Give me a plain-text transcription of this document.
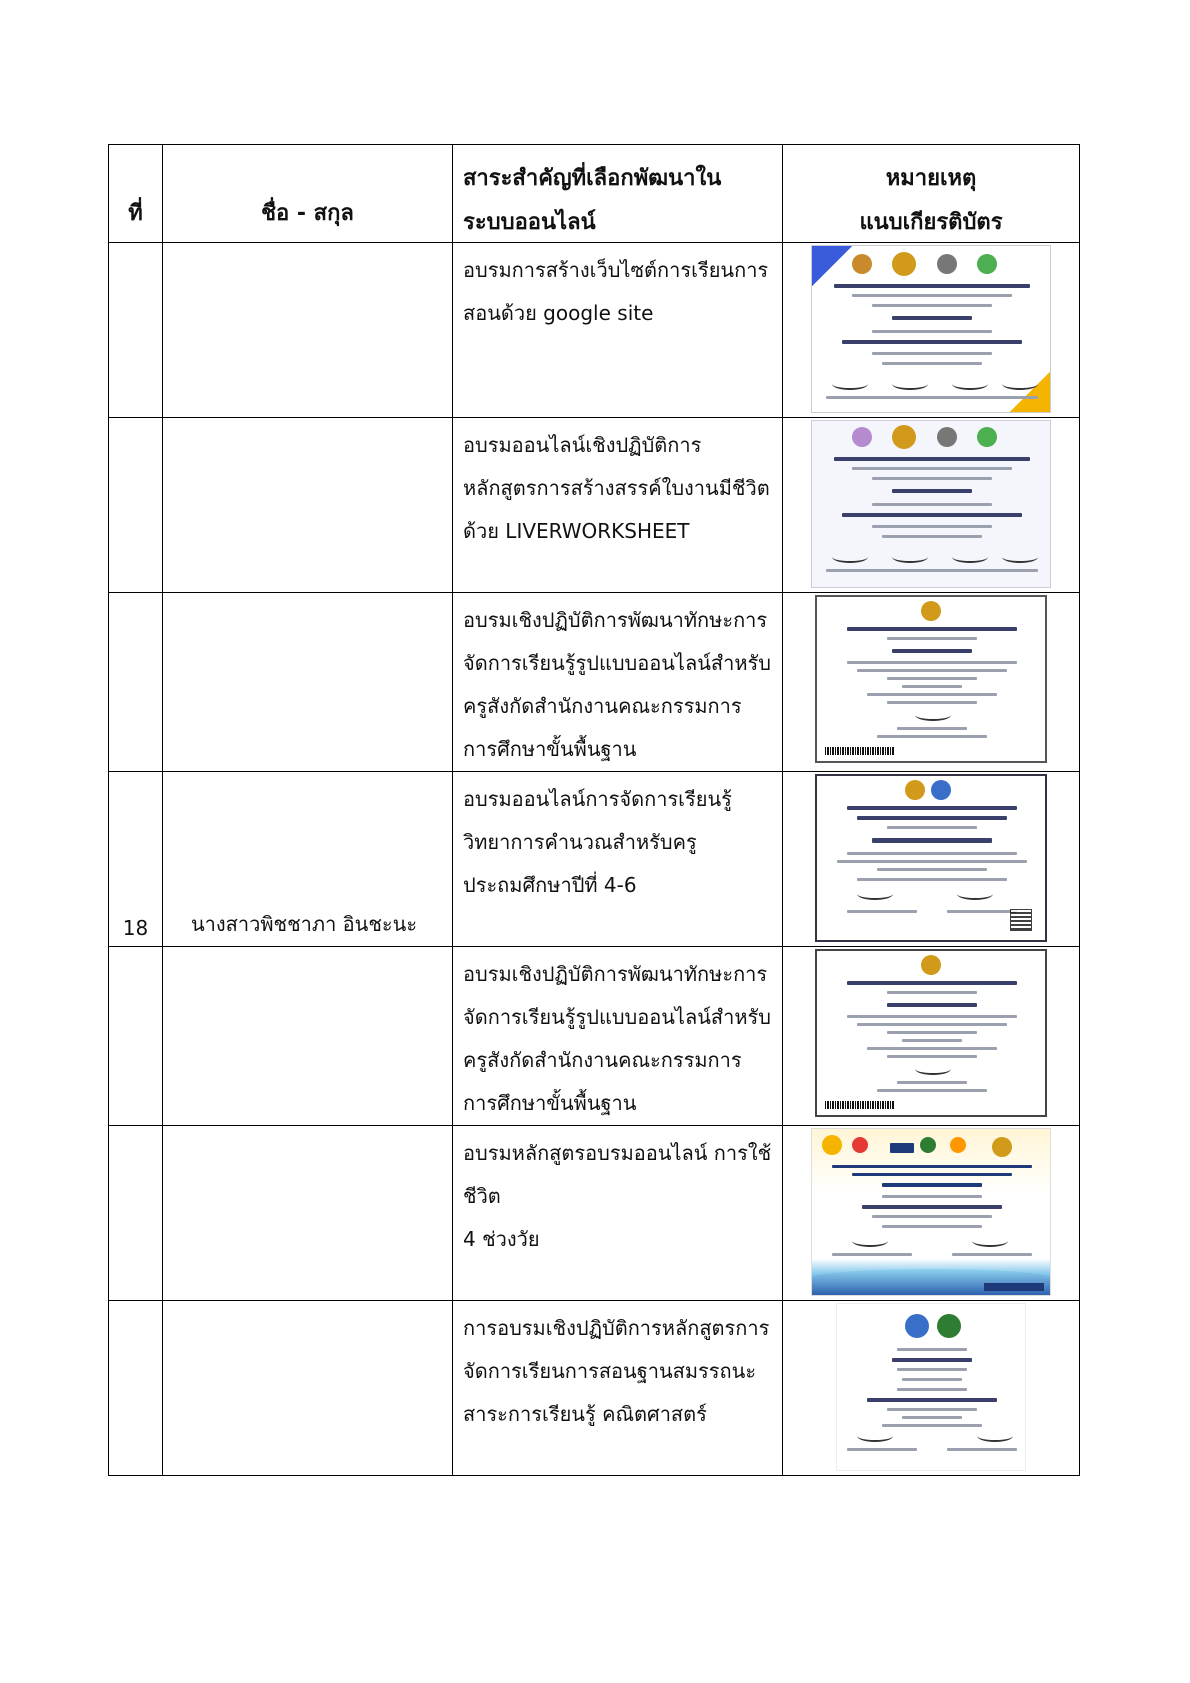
ที่	ชื่อ - สกุล	สาระสำคัญที่เลือกพัฒนาใน
ระบบออนไลน์	หมายเหตุ
แนบเกียรติบัตร

		อบรมการสร้างเว็บไซต์การเรียนการ
สอนด้วย google site	

		อบรมออนไลน์เชิงปฏิบัติการ
หลักสูตรการสร้างสรรค์ใบงานมีชีวิต
ด้วย LIVERWORKSHEET	

		อบรมเชิงปฏิบัติการพัฒนาทักษะการ
จัดการเรียนรู้รูปแบบออนไลน์สำหรับ
ครูสังกัดสำนักงานคณะกรรมการ
การศึกษาขั้นพื้นฐาน	

18	นางสาวพิชชาภา อินชะนะ	อบรมออนไลน์การจัดการเรียนรู้
วิทยาการคำนวณสำหรับครู
ประถมศึกษาปีที่ 4-6	

		อบรมเชิงปฏิบัติการพัฒนาทักษะการ
จัดการเรียนรู้รูปแบบออนไลน์สำหรับ
ครูสังกัดสำนักงานคณะกรรมการ
การศึกษาขั้นพื้นฐาน	

		อบรมหลักสูตรอบรมออนไลน์ การใช้
ชีวิต
4 ช่วงวัย	

		การอบรมเชิงปฏิบัติการหลักสูตรการ
จัดการเรียนการสอนฐานสมรรถนะ
สาระการเรียนรู้ คณิตศาสตร์	
